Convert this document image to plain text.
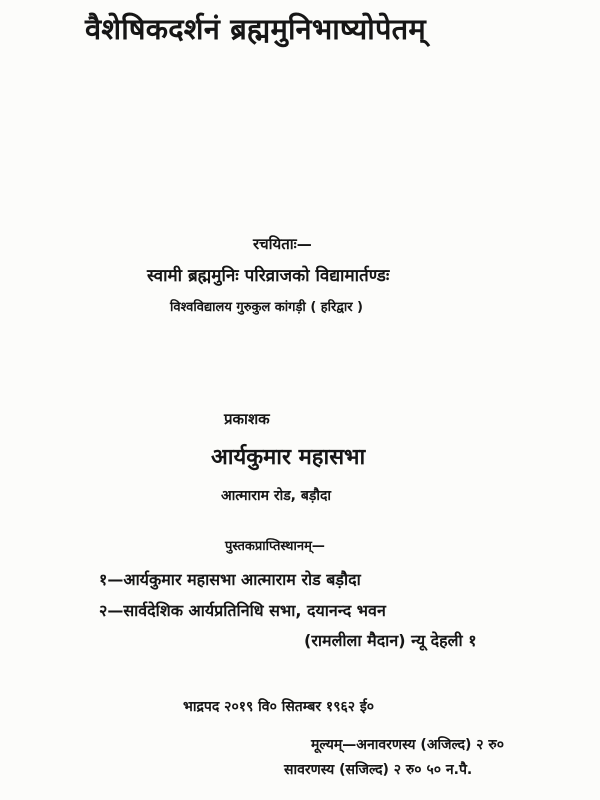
वैशेषिकदर्शनं ब्रह्ममुनिभाष्योपेतम्
रचयिताः—
स्वामी ब्रह्ममुनिः परिव्राजको विद्यामार्तण्डः
विश्वविद्यालय गुरुकुल कांगड़ी ( हरिद्वार )
प्रकाशक
आर्यकुमार महासभा
आत्माराम रोड, बड़ौदा
पुस्तकप्राप्तिस्थानम्—
१—आर्यकुमार महासभा आत्माराम रोड बड़ौदा
२—सार्वदेशिक आर्यप्रतिनिधि सभा, दयानन्द भवन
(रामलीला मैदान) न्यू देहली १
भाद्रपद २०१९ वि० सितम्बर १९६२ ई०
मूल्यम्—अनावरणस्य (अजिल्द) २ रु०
सावरणस्य (सजिल्द) २ रु० ५० न.पै.
